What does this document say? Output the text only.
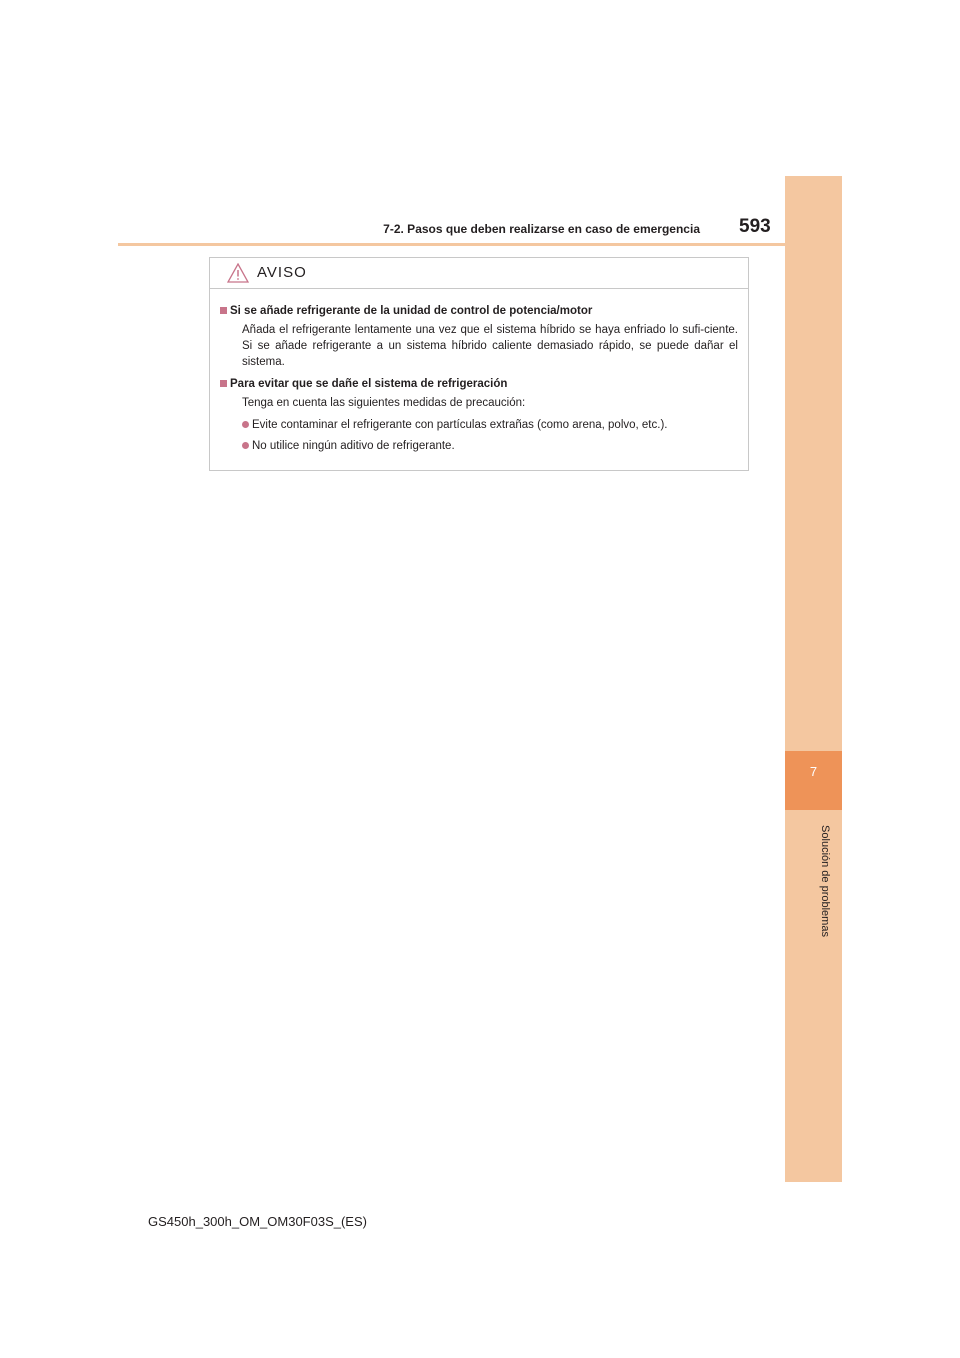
7
Solución de problemas
7-2. Pasos que deben realizarse en caso de emergencia 593
AVISO
Si se añade refrigerante de la unidad de control de potencia/motor
Añada el refrigerante lentamente una vez que el sistema híbrido se haya enfriado lo sufi-ciente. Si se añade refrigerante a un sistema híbrido caliente demasiado rápido, se puede dañar el sistema.
Para evitar que se dañe el sistema de refrigeración
Tenga en cuenta las siguientes medidas de precaución:
Evite contaminar el refrigerante con partículas extrañas (como arena, polvo, etc.).
No utilice ningún aditivo de refrigerante.
GS450h_300h_OM_OM30F03S_(ES)
